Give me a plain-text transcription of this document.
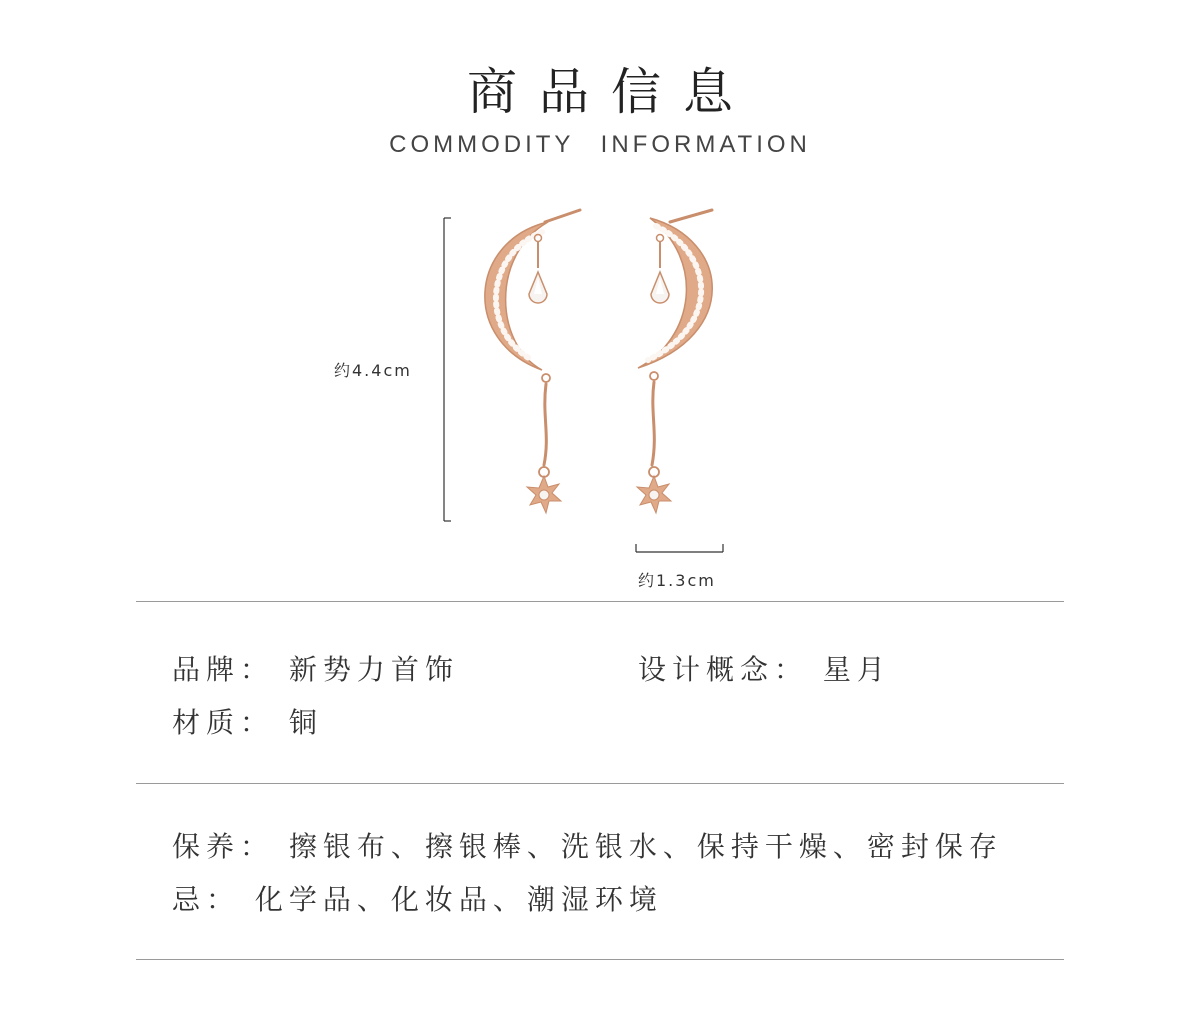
商品信息
COMMODITY INFORMATION
约4.4cm
约1.3cm
品牌： 新势力首饰	设计概念： 星月
材质： 铜
保养： 擦银布、擦银棒、洗银水、保持干燥、密封保存
忌： 化学品、化妆品、潮湿环境
